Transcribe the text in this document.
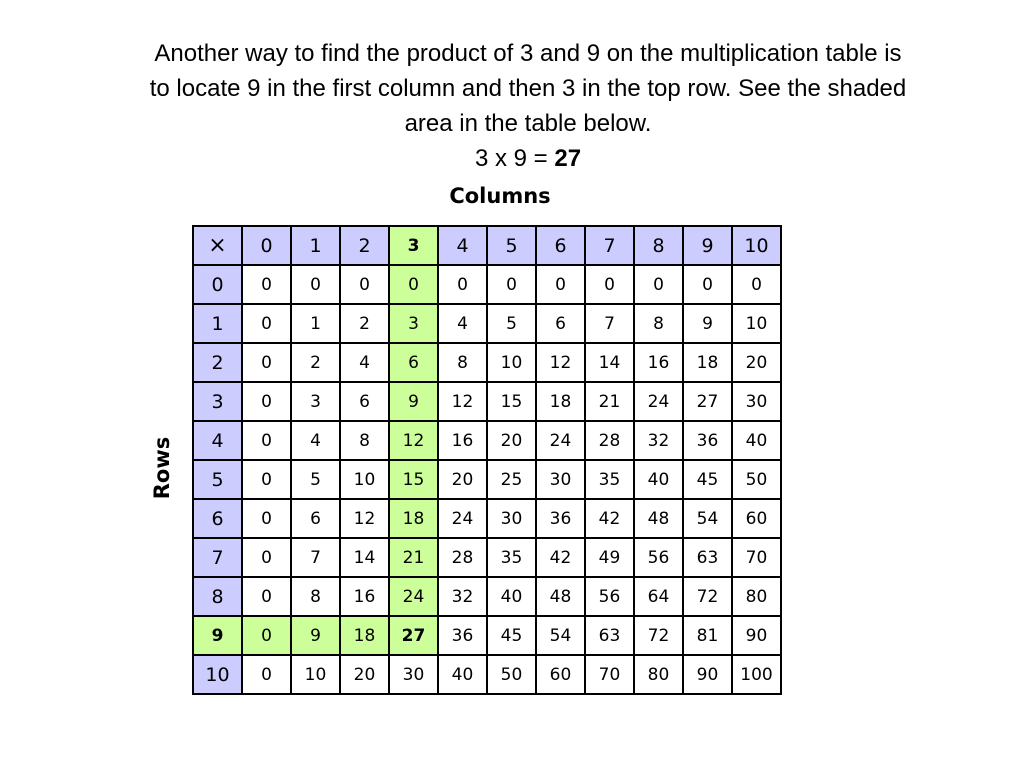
Another way to find the product of 3 and 9 on the multiplication table is
to locate 9 in the first column and then 3 in the top row. See the shaded
area in the table below.
3 x 9 = 27
Columns
Rows
×	0	1	2	3	4	5	6	7	8	9	10
0	0	0	0	0	0	0	0	0	0	0	0
1	0	1	2	3	4	5	6	7	8	9	10
2	0	2	4	6	8	10	12	14	16	18	20
3	0	3	6	9	12	15	18	21	24	27	30
4	0	4	8	12	16	20	24	28	32	36	40
5	0	5	10	15	20	25	30	35	40	45	50
6	0	6	12	18	24	30	36	42	48	54	60
7	0	7	14	21	28	35	42	49	56	63	70
8	0	8	16	24	32	40	48	56	64	72	80
9	0	9	18	27	36	45	54	63	72	81	90
10	0	10	20	30	40	50	60	70	80	90	100
